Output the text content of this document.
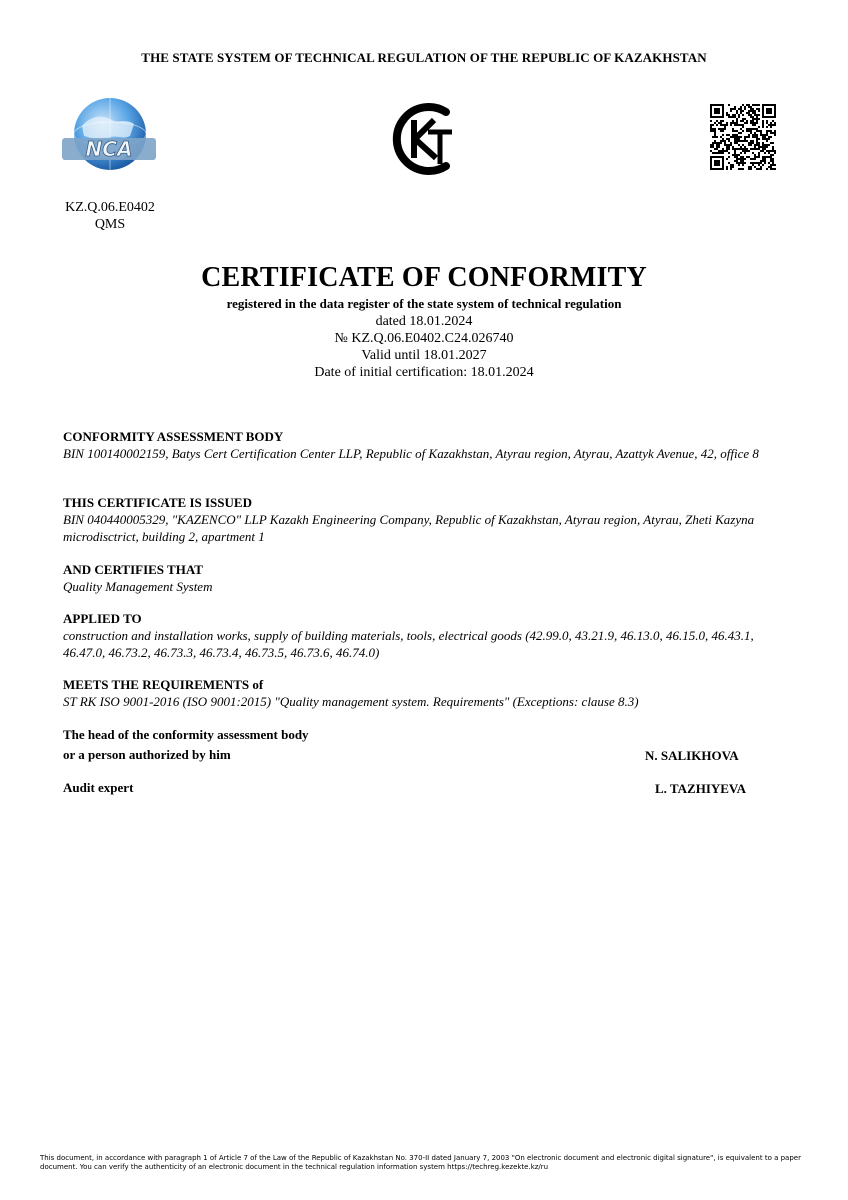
THE STATE SYSTEM OF TECHNICAL REGULATION OF THE REPUBLIC OF KAZAKHSTAN
NCA
KZ.Q.06.E0402
QMS
CERTIFICATE OF CONFORMITY
registered in the data register of the state system of technical regulation
dated 18.01.2024
№ KZ.Q.06.E0402.C24.026740
Valid until 18.01.2027
Date of initial certification: 18.01.2024
CONFORMITY ASSESSMENT BODY
BIN 100140002159, Batys Cert Certification Center LLP, Republic of Kazakhstan, Atyrau region, Atyrau, Azattyk Avenue, 42, office 8
THIS CERTIFICATE IS ISSUED
BIN 040440005329, "KAZENCO" LLP Kazakh Engineering Company, Republic of Kazakhstan, Atyrau region, Atyrau, Zheti Kazyna microdisctrict, building 2, apartment 1
AND CERTIFIES THAT
Quality Management System
APPLIED TO
construction and installation works, supply of building materials, tools, electrical goods (42.99.0, 43.21.9, 46.13.0, 46.15.0, 46.43.1, 46.47.0, 46.73.2, 46.73.3, 46.73.4, 46.73.5, 46.73.6, 46.74.0)
MEETS THE REQUIREMENTS of
ST RK ISO 9001-2016 (ISO 9001:2015) "Quality management system. Requirements" (Exceptions: clause 8.3)
The head of the conformity assessment body
or a person authorized by him	N. SALIKHOVA
Audit expert	L. TAZHIYEVA
This document, in accordance with paragraph 1 of Article 7 of the Law of the Republic of Kazakhstan No. 370-II dated January 7, 2003 "On electronic document and electronic digital signature", is equivalent to a paper document. You can verify the authenticity of an electronic document in the technical regulation information system https://techreg.kezekte.kz/ru
